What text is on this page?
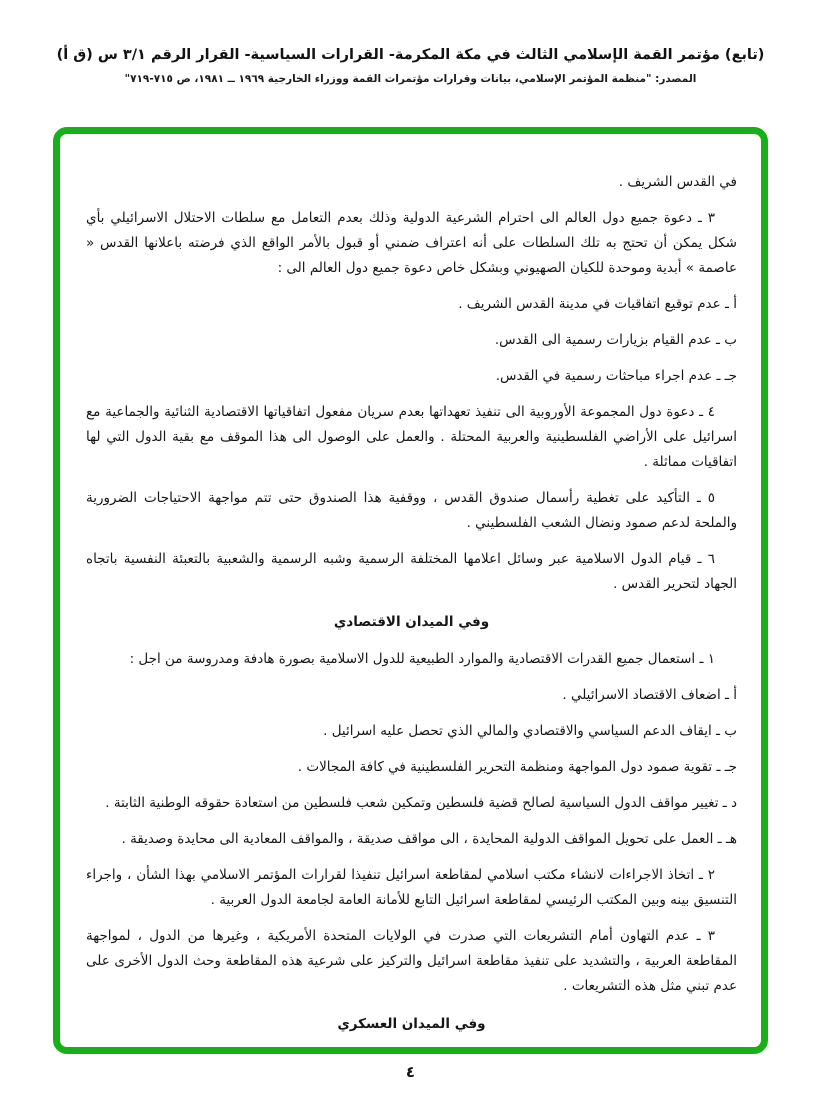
(تابع) مؤتمر القمة الإسلامي الثالث في مكة المكرمة- القرارات السياسية- القرار الرقم ٣/١ س (ق أ)
المصدر: "منظمة المؤتمر الإسلامي، بيانات وقرارات مؤتمرات القمة ووزراء الخارجية ١٩٦٩ ــ ١٩٨١، ص ٧١٥-٧١٩"

في القدس الشريف .

٣ ـ دعوة جميع دول العالم الى احترام الشرعية الدولية وذلك بعدم التعامل مع سلطات الاحتلال الاسرائيلي بأي شكل يمكن أن تحتج به تلك السلطات على أنه اعتراف ضمني أو قبول بالأمر الواقع الذي فرضته باعلانها القدس « عاصمة » أبدية وموحدة للكيان الصهيوني وبشكل خاص دعوة جميع دول العالم الى :

أ ـ عدم توقيع اتفاقيات في مدينة القدس الشريف .

ب ـ عدم القيام بزيارات رسمية الى القدس.

جـ ـ عدم اجراء مباحثات رسمية في القدس.

٤ ـ دعوة دول المجموعة الأوروبية الى تنفيذ تعهداتها بعدم سريان مفعول اتفاقياتها الاقتصادية الثنائية والجماعية مع اسرائيل على الأراضي الفلسطينية والعربية المحتلة . والعمل على الوصول الى هذا الموقف مع بقية الدول التي لها اتفاقيات مماثلة .

٥ ـ التأكيد على تغطية رأسمال صندوق القدس ، ووقفية هذا الصندوق حتى تتم مواجهة الاحتياجات الضرورية والملحة لدعم صمود ونضال الشعب الفلسطيني .

٦ ـ قيام الدول الاسلامية عبر وسائل اعلامها المختلفة الرسمية وشبه الرسمية والشعبية بالتعبئة النفسية باتجاه الجهاد لتحرير القدس .

وفي الميدان الاقتصادي

١ ـ استعمال جميع القدرات الاقتصادية والموارد الطبيعية للدول الاسلامية بصورة هادفة ومدروسة من اجل :

أ ـ اضعاف الاقتصاد الاسرائيلي .

ب ـ ايقاف الدعم السياسي والاقتصادي والمالي الذي تحصل عليه اسرائيل .

جـ ـ تقوية صمود دول المواجهة ومنظمة التحرير الفلسطينية في كافة المجالات .

د ـ تغيير مواقف الدول السياسية لصالح قضية فلسطين وتمكين شعب فلسطين من استعادة حقوقه الوطنية الثابتة .

هـ ـ العمل على تحويل المواقف الدولية المحايدة ، الى مواقف صديقة ، والمواقف المعادية الى محايدة وصديقة .

٢ ـ اتخاذ الاجراءات لانشاء مكتب اسلامي لمقاطعة اسرائيل تنفيذا لقرارات المؤتمر الاسلامي بهذا الشأن ، واجراء التنسيق بينه وبين المكتب الرئيسي لمقاطعة اسرائيل التابع للأمانة العامة لجامعة الدول العربية .

٣ ـ عدم التهاون أمام التشريعات التي صدرت في الولايات المتحدة الأمريكية ، وغيرها من الدول ، لمواجهة المقاطعة العربية ، والتشديد على تنفيذ مقاطعة اسرائيل والتركيز على شرعية هذه المقاطعة وحث الدول الأخرى على عدم تبني مثل هذه التشريعات .

وفي الميدان العسكري

٤
